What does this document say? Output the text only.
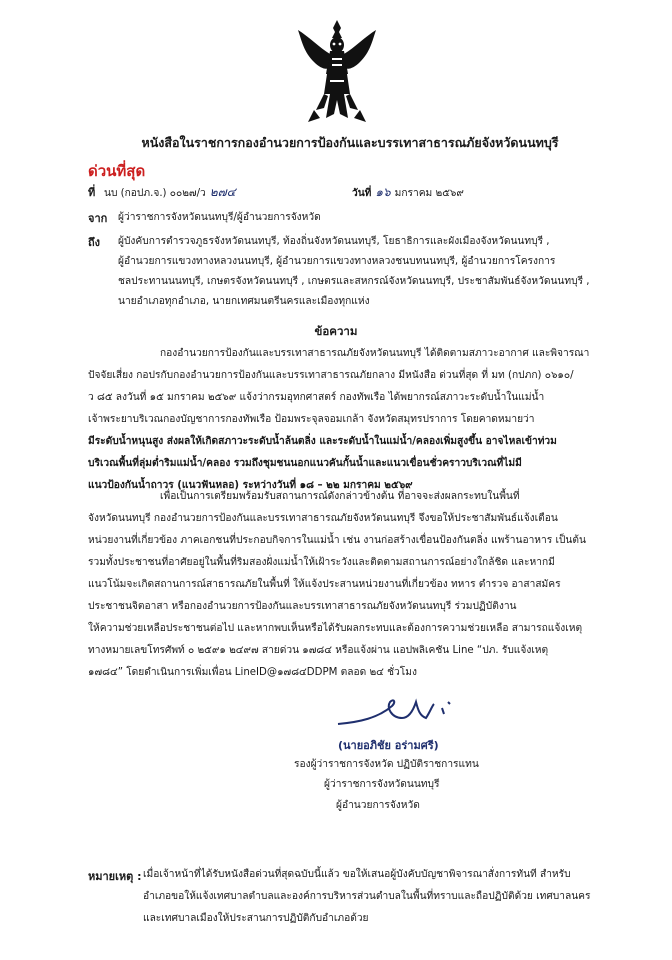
หนังสือในราชการกองอำนวยการป้องกันและบรรเทาสาธารณภัยจังหวัดนนทบุรี
ด่วนที่สุด
ที่ นบ (กอปภ.จ.) ๐๐๒๗/ว ๒๗๔	วันที่ ๑๖ มกราคม ๒๕๖๙
จาก ผู้ว่าราชการจังหวัดนนทบุรี/ผู้อำนวยการจังหวัด
ถึง ผู้บังคับการตำรวจภูธรจังหวัดนนทบุรี, ท้องถิ่นจังหวัดนนทบุรี, โยธาธิการและผังเมืองจังหวัดนนทบุรี ,
ผู้อำนวยการแขวงทางหลวงนนทบุรี, ผู้อำนวยการแขวงทางหลวงชนบทนนทบุรี, ผู้อำนวยการโครงการ
ชลประทานนนทบุรี, เกษตรจังหวัดนนทบุรี , เกษตรและสหกรณ์จังหวัดนนทบุรี, ประชาสัมพันธ์จังหวัดนนทบุรี ,
นายอำเภอทุกอำเภอ, นายกเทศมนตรีนครและเมืองทุกแห่ง
ข้อความ
กองอำนวยการป้องกันและบรรเทาสาธารณภัยจังหวัดนนทบุรี ได้ติดตามสภาวะอากาศ และพิจารณา
ปัจจัยเสี่ยง กอปรกับกองอำนวยการป้องกันและบรรเทาสาธารณภัยกลาง มีหนังสือ ด่วนที่สุด ที่ มท (กปภก) ๐๖๑๐/
ว ๘๕ ลงวันที่ ๑๕ มกราคม ๒๕๖๙ แจ้งว่ากรมอุทกศาสตร์ กองทัพเรือ ได้พยากรณ์สภาวะระดับน้ำในแม่น้ำ
เจ้าพระยาบริเวณกองบัญชาการกองทัพเรือ ป้อมพระจุลจอมเกล้า จังหวัดสมุทรปราการ โดยคาดหมายว่า
มีระดับน้ำหนุนสูง ส่งผลให้เกิดสภาวะระดับน้ำล้นตลิ่ง และระดับน้ำในแม่น้ำ/คลองเพิ่มสูงขึ้น อาจไหลเข้าท่วม
บริเวณพื้นที่ลุ่มต่ำริมแม่น้ำ/คลอง รวมถึงชุมชนนอกแนวคันกั้นน้ำและแนวเขื่อนชั่วคราวบริเวณที่ไม่มี
แนวป้องกันน้ำถาวร (แนวฟันหลอ) ระหว่างวันที่ ๑๘ – ๒๒ มกราคม ๒๕๖๙
เพื่อเป็นการเตรียมพร้อมรับสถานการณ์ดังกล่าวข้างต้น ที่อาจจะส่งผลกระทบในพื้นที่
จังหวัดนนทบุรี กองอำนวยการป้องกันและบรรเทาสาธารณภัยจังหวัดนนทบุรี จึงขอให้ประชาสัมพันธ์แจ้งเตือน
หน่วยงานที่เกี่ยวข้อง ภาคเอกชนที่ประกอบกิจการในแม่น้ำ เช่น งานก่อสร้างเขื่อนป้องกันตลิ่ง แพร้านอาหาร เป็นต้น
รวมทั้งประชาชนที่อาศัยอยู่ในพื้นที่ริมสองฝั่งแม่น้ำให้เฝ้าระวังและติดตามสถานการณ์อย่างใกล้ชิด และหากมี
แนวโน้มจะเกิดสถานการณ์สาธารณภัยในพื้นที่ ให้แจ้งประสานหน่วยงานที่เกี่ยวข้อง ทหาร ตำรวจ อาสาสมัคร
ประชาชนจิตอาสา หรือกองอำนวยการป้องกันและบรรเทาสาธารณภัยจังหวัดนนทบุรี ร่วมปฏิบัติงาน
ให้ความช่วยเหลือประชาชนต่อไป และหากพบเห็นหรือได้รับผลกระทบและต้องการความช่วยเหลือ สามารถแจ้งเหตุ
ทางหมายเลขโทรศัพท์ ๐ ๒๕๙๑ ๒๔๙๗ สายด่วน ๑๗๘๔ หรือแจ้งผ่าน แอปพลิเคชัน Line “ปภ. รับแจ้งเหตุ
๑๗๘๔” โดยดำเนินการเพิ่มเพื่อน LineID@๑๗๘๔DDPM ตลอด ๒๔ ชั่วโมง
(นายอภิชัย อร่ามศรี)
รองผู้ว่าราชการจังหวัด ปฏิบัติราชการแทน
ผู้ว่าราชการจังหวัดนนทบุรี
ผู้อำนวยการจังหวัด
หมายเหตุ : เมื่อเจ้าหน้าที่ได้รับหนังสือด่วนที่สุดฉบับนี้แล้ว ขอให้เสนอผู้บังคับบัญชาพิจารณาสั่งการทันที สำหรับ
อำเภอขอให้แจ้งเทศบาลตำบลและองค์การบริหารส่วนตำบลในพื้นที่ทราบและถือปฏิบัติด้วย เทศบาลนคร
และเทศบาลเมืองให้ประสานการปฏิบัติกับอำเภอด้วย
